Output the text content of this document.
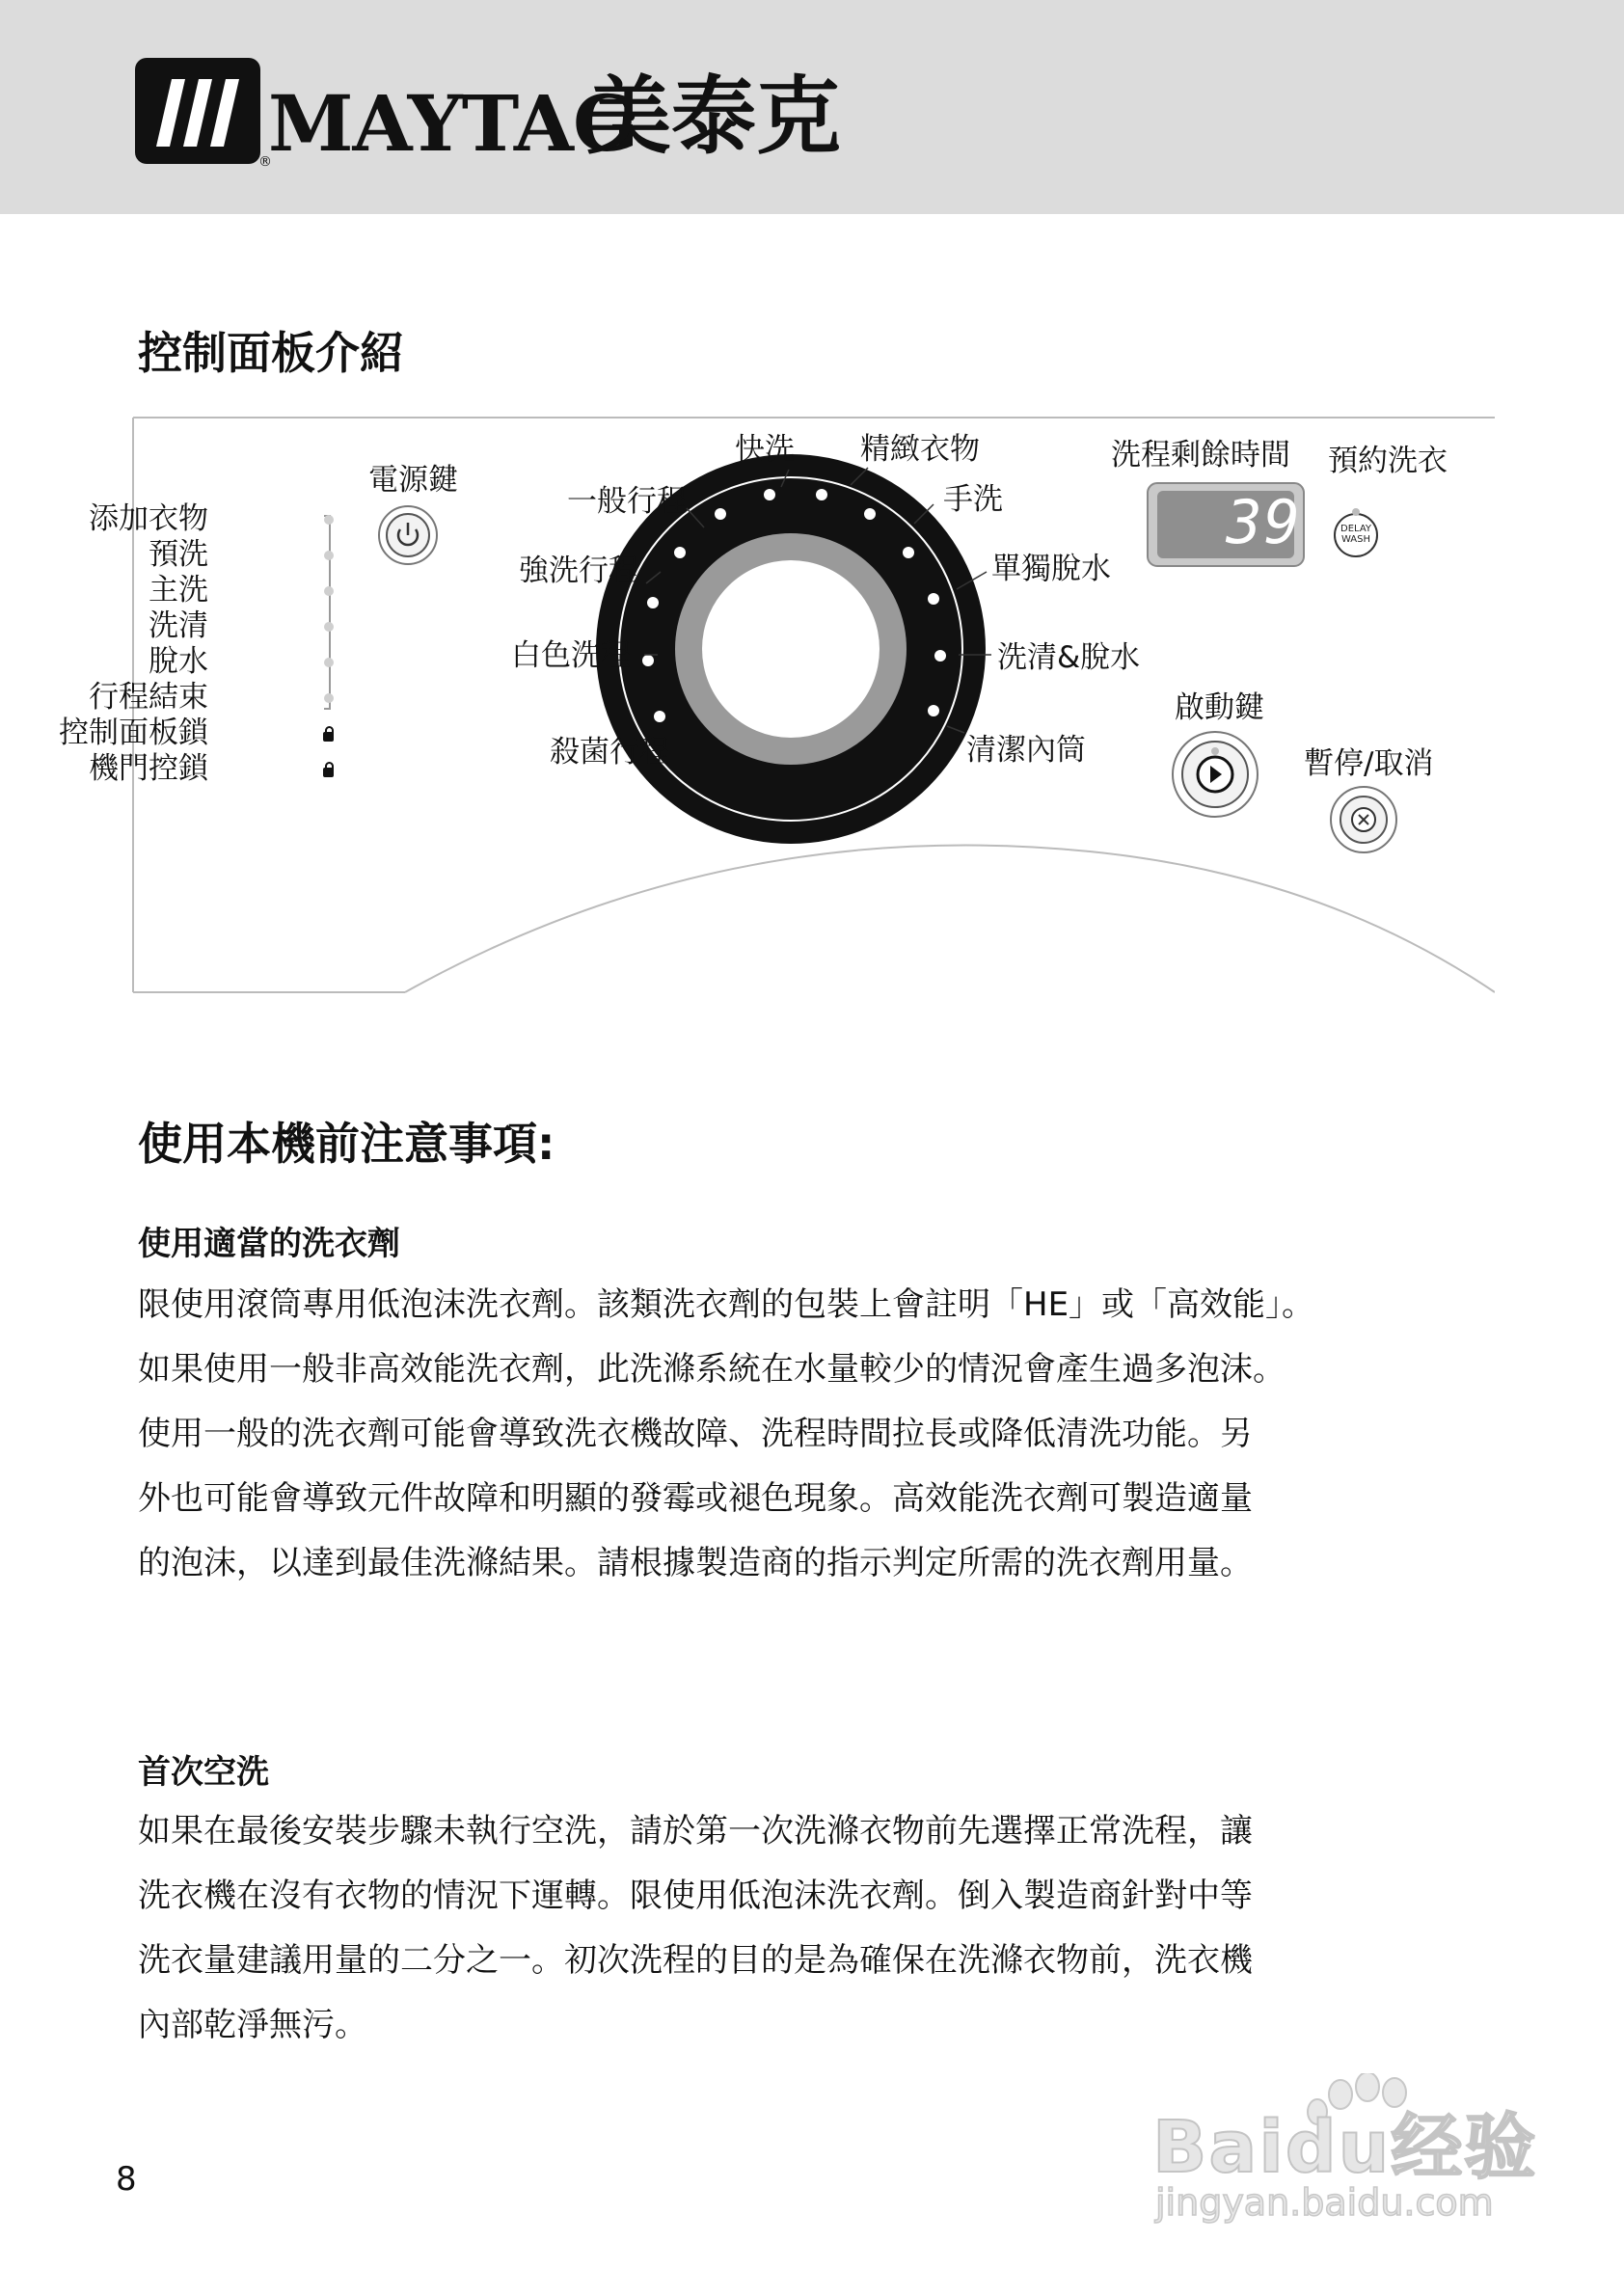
®
MAYTAG
美泰克
控制面板介紹
添加衣物
預洗
主洗
洗清
脫水
行程結束
控制面板鎖
機門控鎖
電源鍵
快洗 精緻衣物
一般行程	手洗
強洗行程	單獨脫水
白色洗程	洗清&脫水
殺菌行程	清潔內筒
洗程剩餘時間
39
預約洗衣
DELAY
WASH
啟動鍵
暫停/取消
使用本機前注意事項:
使用適當的洗衣劑
限使用滾筒專用低泡沫洗衣劑。該類洗衣劑的包裝上會註明「HE」或「高效能」。
如果使用一般非高效能洗衣劑，此洗滌系統在水量較少的情況會產生過多泡沫。
使用一般的洗衣劑可能會導致洗衣機故障、洗程時間拉長或降低清洗功能。另
外也可能會導致元件故障和明顯的發霉或褪色現象。高效能洗衣劑可製造適量
的泡沫，以達到最佳洗滌結果。請根據製造商的指示判定所需的洗衣劑用量。
首次空洗
如果在最後安裝步驟未執行空洗，請於第一次洗滌衣物前先選擇正常洗程，讓
洗衣機在沒有衣物的情況下運轉。限使用低泡沫洗衣劑。倒入製造商針對中等
洗衣量建議用量的二分之一。初次洗程的目的是為確保在洗滌衣物前，洗衣機
內部乾淨無污。
8	Baidu经验
jingyan.baidu.com
